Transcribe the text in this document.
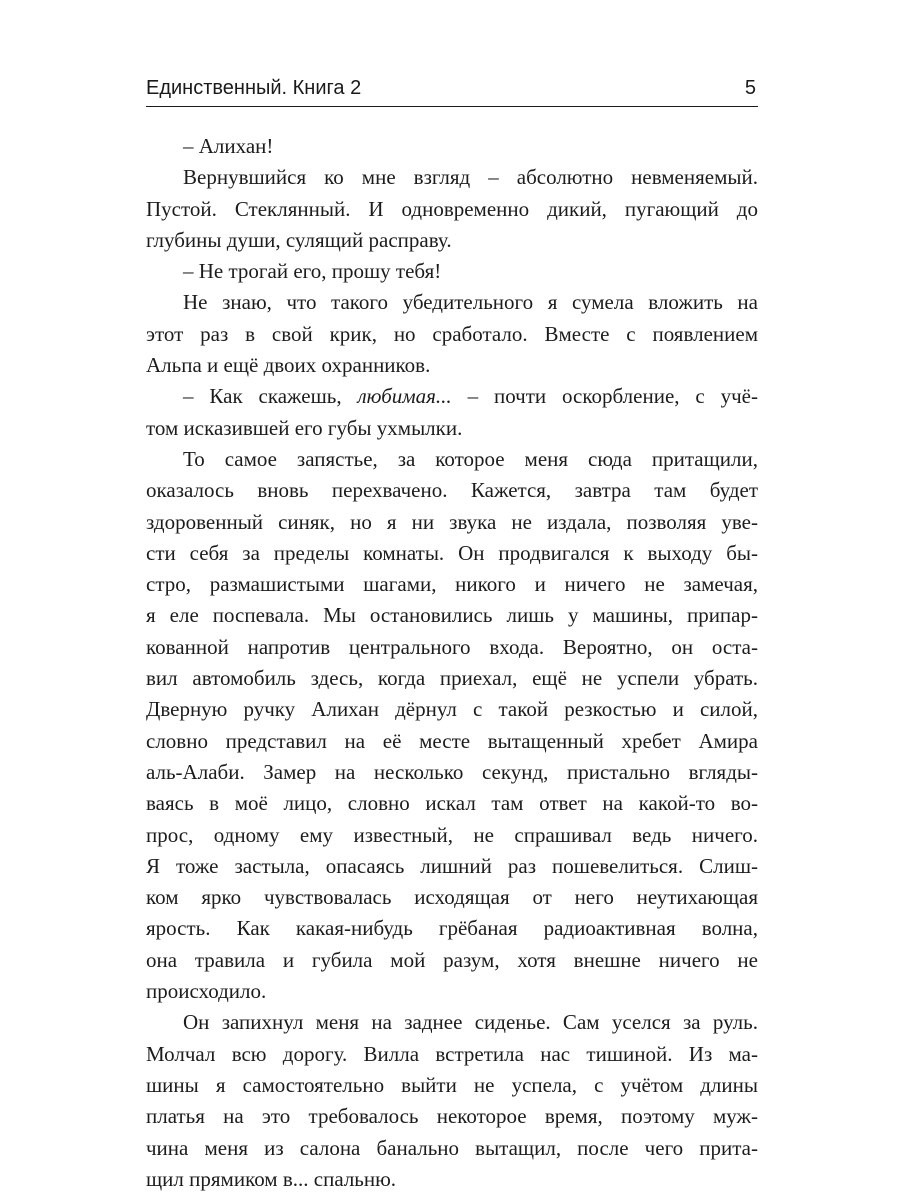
Единственный. Книга 2	5
– Алихан!
Вернувшийся ко мне взгляд – абсолютно невменяемый.
Пустой. Стеклянный. И одновременно дикий, пугающий до
глубины души, сулящий расправу.
– Не трогай его, прошу тебя!
Не знаю, что такого убедительного я сумела вложить на
этот раз в свой крик, но сработало. Вместе с появлением
Альпа и ещё двоих охранников.
– Как скажешь, любимая... – почти оскорбление, с учё-
том исказившей его губы ухмылки.
То самое запястье, за которое меня сюда притащили,
оказалось вновь перехвачено. Кажется, завтра там будет
здоровенный синяк, но я ни звука не издала, позволяя уве-
сти себя за пределы комнаты. Он продвигался к выходу бы-
стро, размашистыми шагами, никого и ничего не замечая,
я еле поспевала. Мы остановились лишь у машины, припар-
кованной напротив центрального входа. Вероятно, он оста-
вил автомобиль здесь, когда приехал, ещё не успели убрать.
Дверную ручку Алихан дёрнул с такой резкостью и силой,
словно представил на её месте вытащенный хребет Амира
аль-Алаби. Замер на несколько секунд, пристально вгляды-
ваясь в моё лицо, словно искал там ответ на какой-то во-
прос, одному ему известный, не спрашивал ведь ничего.
Я тоже застыла, опасаясь лишний раз пошевелиться. Слиш-
ком ярко чувствовалась исходящая от него неутихающая
ярость. Как какая-нибудь грёбаная радиоактивная волна,
она травила и губила мой разум, хотя внешне ничего не
происходило.
Он запихнул меня на заднее сиденье. Сам уселся за руль.
Молчал всю дорогу. Вилла встретила нас тишиной. Из ма-
шины я самостоятельно выйти не успела, с учётом длины
платья на это требовалось некоторое время, поэтому муж-
чина меня из салона банально вытащил, после чего прита-
щил прямиком в... спальню.
